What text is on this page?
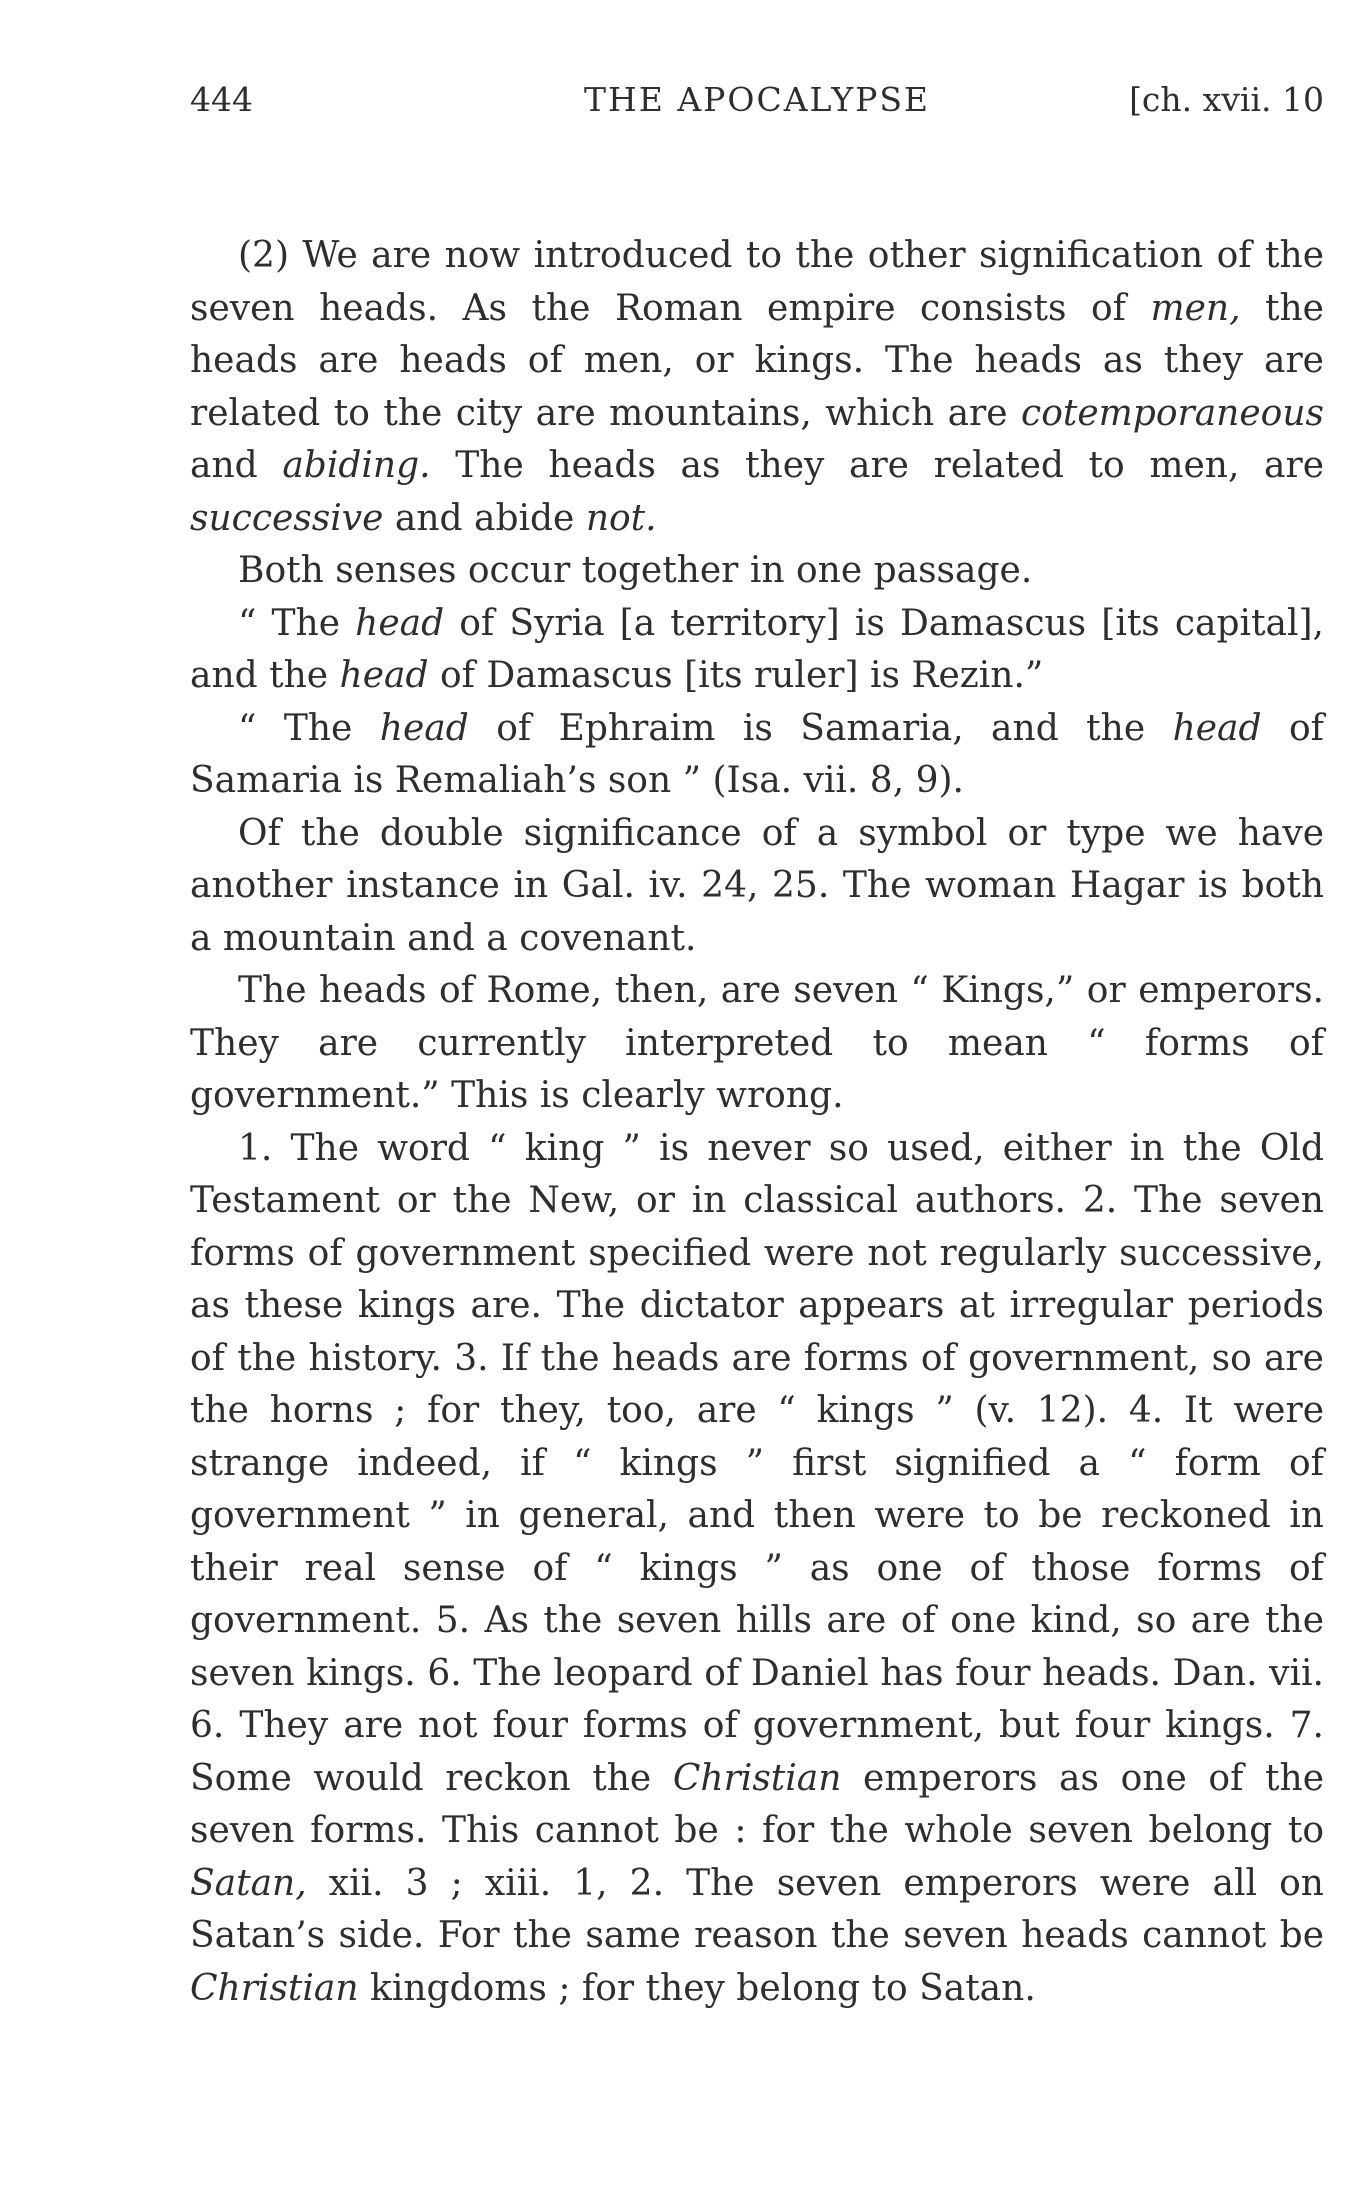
444	THE APOCALYPSE	[ch. xvii. 10

(2) We are now introduced to the other signification of the seven heads. As the Roman empire consists of men, the heads are heads of men, or kings. The heads as they are related to the city are mountains, which are cotemporaneous and abiding. The heads as they are related to men, are successive and abide not.

Both senses occur together in one passage.

“ The head of Syria [a territory] is Damascus [its capital], and the head of Damascus [its ruler] is Rezin.”

“ The head of Ephraim is Samaria, and the head of Samaria is Remaliah’s son ” (Isa. vii. 8, 9).

Of the double significance of a symbol or type we have another instance in Gal. iv. 24, 25. The woman Hagar is both a mountain and a covenant.

The heads of Rome, then, are seven “ Kings,” or emperors. They are currently interpreted to mean “ forms of government.” This is clearly wrong.

1. The word “ king ” is never so used, either in the Old Testament or the New, or in classical authors. 2. The seven forms of government specified were not regularly successive, as these kings are. The dictator appears at irregular periods of the history. 3. If the heads are forms of government, so are the horns ; for they, too, are “ kings ” (v. 12). 4. It were strange indeed, if “ kings ” first signified a “ form of government ” in general, and then were to be reckoned in their real sense of “ kings ” as one of those forms of government. 5. As the seven hills are of one kind, so are the seven kings. 6. The leopard of Daniel has four heads. Dan. vii. 6. They are not four forms of government, but four kings. 7. Some would reckon the Christian emperors as one of the seven forms. This cannot be : for the whole seven belong to Satan, xii. 3 ; xiii. 1, 2. The seven emperors were all on Satan’s side. For the same reason the seven heads cannot be Christian kingdoms ; for they belong to Satan.
